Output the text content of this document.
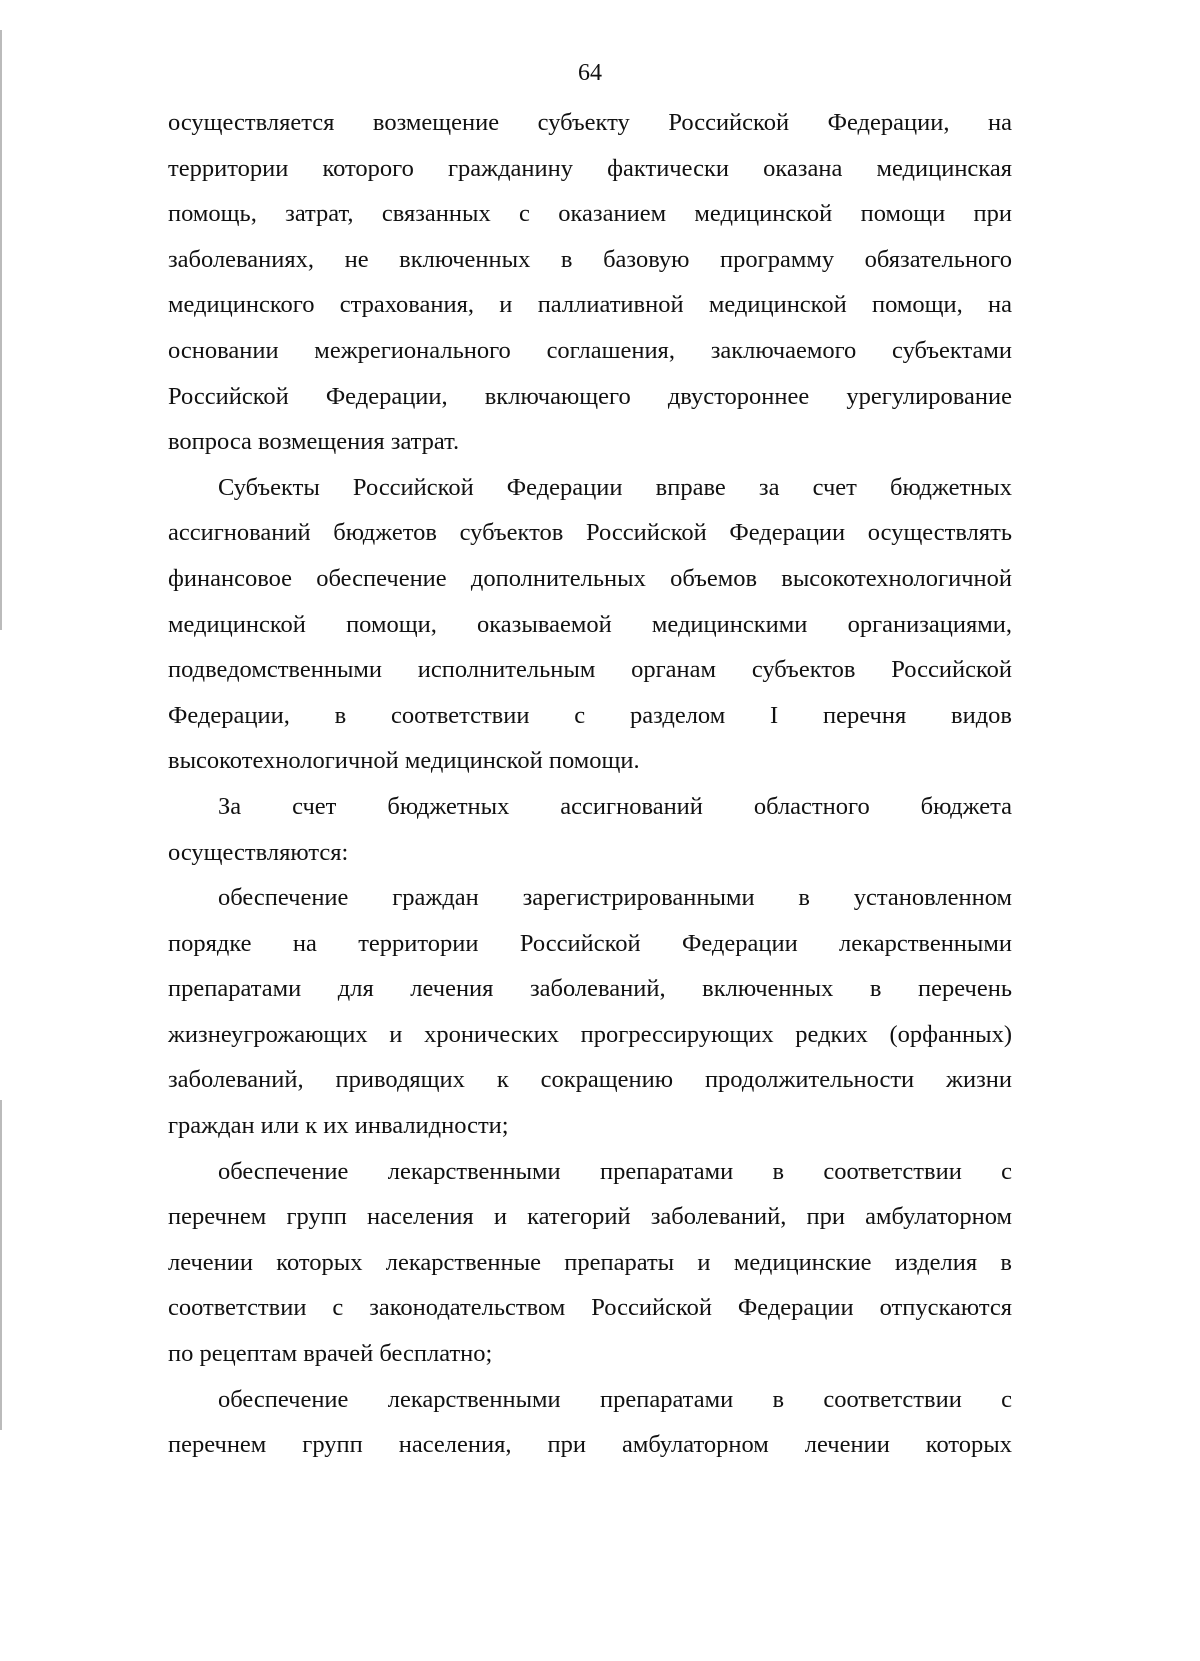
64
осуществляется возмещение субъекту Российской Федерации, на
территории которого гражданину фактически оказана медицинская
помощь, затрат, связанных с оказанием медицинской помощи при
заболеваниях, не включенных в базовую программу обязательного
медицинского страхования, и паллиативной медицинской помощи, на
основании межрегионального соглашения, заключаемого субъектами
Российской Федерации, включающего двустороннее урегулирование
вопроса возмещения затрат.
Субъекты Российской Федерации вправе за счет бюджетных
ассигнований бюджетов субъектов Российской Федерации осуществлять
финансовое обеспечение дополнительных объемов высокотехнологичной
медицинской помощи, оказываемой медицинскими организациями,
подведомственными исполнительным органам субъектов Российской
Федерации, в соответствии с разделом I перечня видов
высокотехнологичной медицинской помощи.
За счет бюджетных ассигнований областного бюджета
осуществляются:
обеспечение граждан зарегистрированными в установленном
порядке на территории Российской Федерации лекарственными
препаратами для лечения заболеваний, включенных в перечень
жизнеугрожающих и хронических прогрессирующих редких (орфанных)
заболеваний, приводящих к сокращению продолжительности жизни
граждан или к их инвалидности;
обеспечение лекарственными препаратами в соответствии с
перечнем групп населения и категорий заболеваний, при амбулаторном
лечении которых лекарственные препараты и медицинские изделия в
соответствии с законодательством Российской Федерации отпускаются
по рецептам врачей бесплатно;
обеспечение лекарственными препаратами в соответствии с
перечнем групп населения, при амбулаторном лечении которых
